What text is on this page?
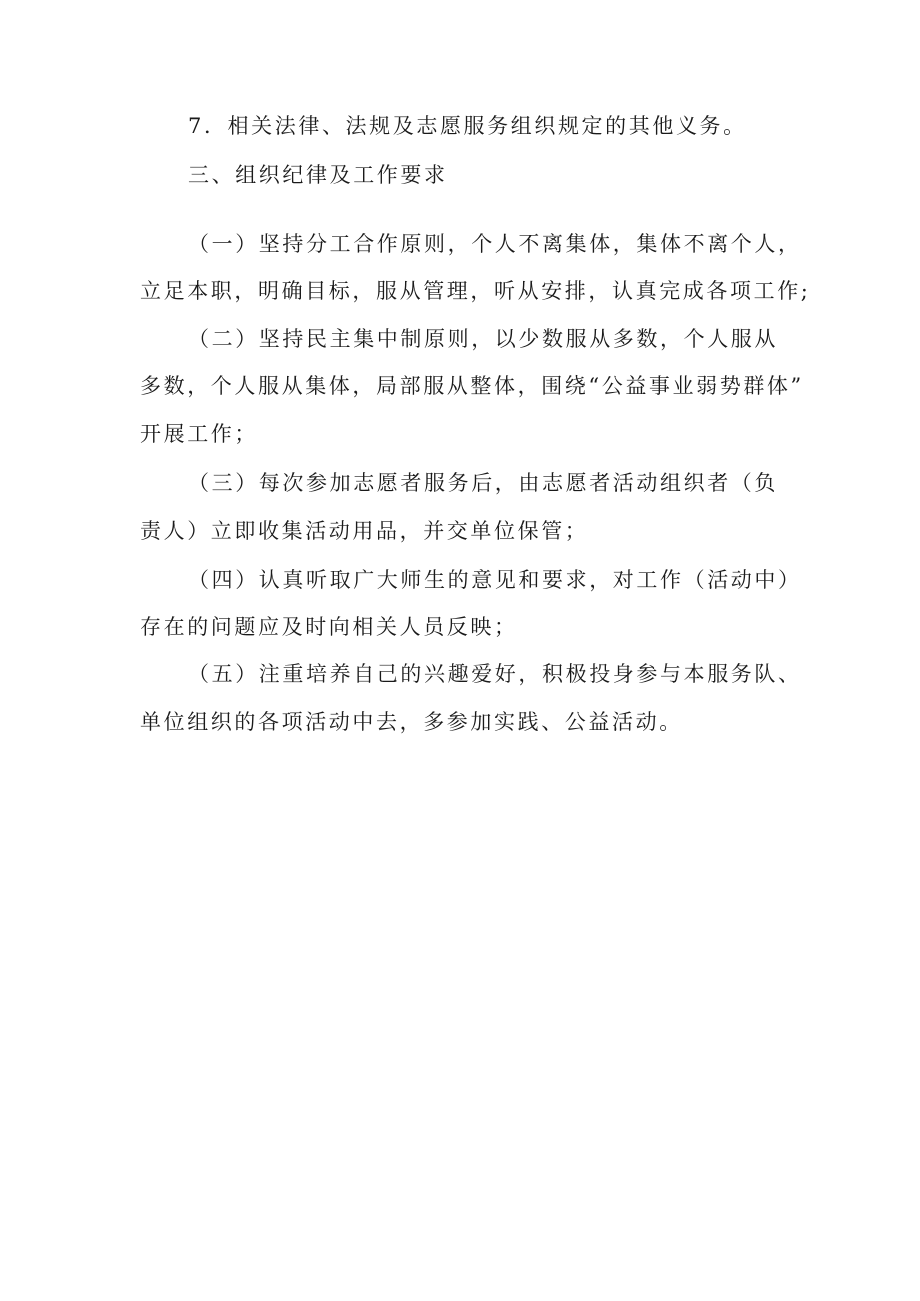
7．相关法律、法规及志愿服务组织规定的其他义务。
三、组织纪律及工作要求
（一）坚持分工合作原则，个人不离集体，集体不离个人，
立足本职，明确目标，服从管理，听从安排，认真完成各项工作;
（二）坚持民主集中制原则，以少数服从多数，个人服从
多数，个人服从集体，局部服从整体，围绕“公益事业弱势群体”
开展工作；
（三）每次参加志愿者服务后，由志愿者活动组织者（负
责人）立即收集活动用品，并交单位保管；
（四）认真听取广大师生的意见和要求，对工作（活动中）
存在的问题应及时向相关人员反映；
（五）注重培养自己的兴趣爱好，积极投身参与本服务队、
单位组织的各项活动中去，多参加实践、公益活动。
